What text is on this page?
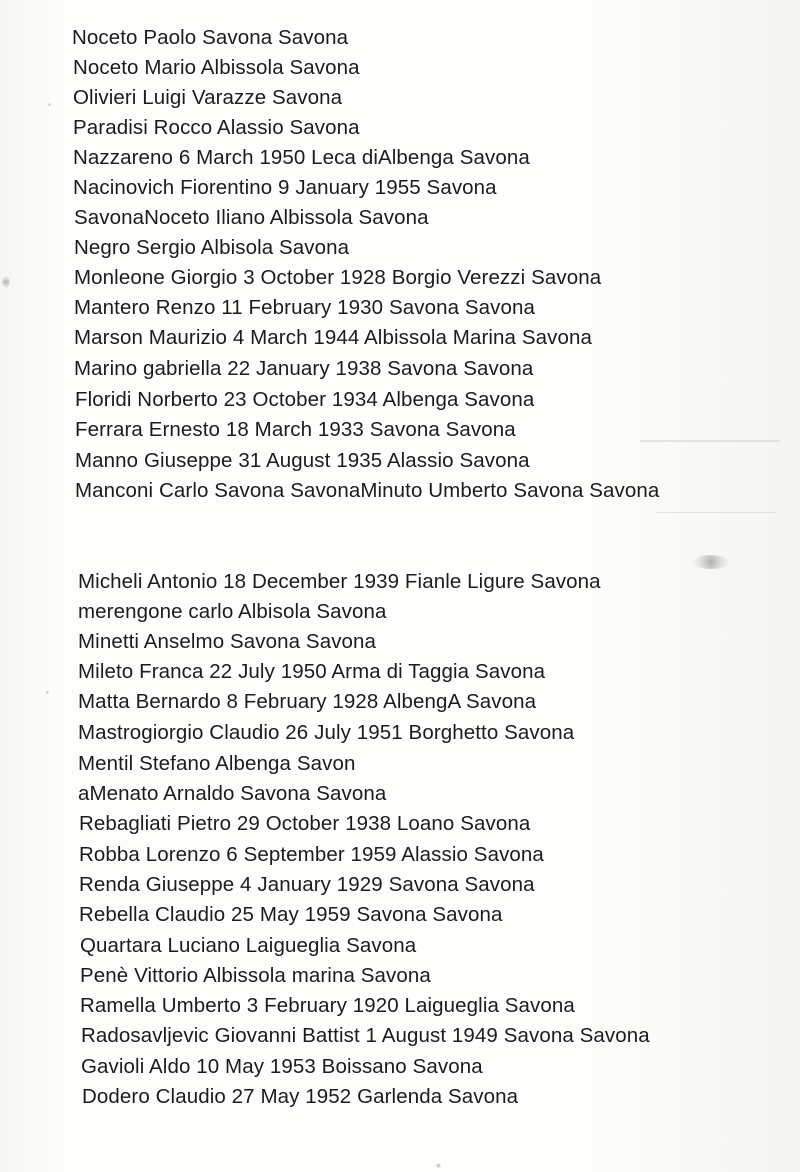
Noceto Paolo Savona Savona
Noceto Mario Albissola Savona
Olivieri Luigi Varazze Savona
Paradisi Rocco Alassio Savona
Nazzareno 6 March 1950 Leca diAlbenga Savona
Nacinovich Fiorentino 9 January 1955 Savona
SavonaNoceto Iliano Albissola Savona
Negro Sergio Albisola Savona
Monleone Giorgio 3 October 1928 Borgio Verezzi Savona
Mantero Renzo 11 February 1930 Savona Savona
Marson Maurizio 4 March 1944 Albissola Marina Savona
Marino gabriella 22 January 1938 Savona Savona
Floridi Norberto 23 October 1934 Albenga Savona
Ferrara Ernesto 18 March 1933 Savona Savona
Manno Giuseppe 31 August 1935 Alassio Savona
Manconi Carlo Savona SavonaMinuto Umberto Savona Savona
Micheli Antonio 18 December 1939 Fianle Ligure Savona
merengone carlo Albisola Savona
Minetti Anselmo Savona Savona
Mileto Franca 22 July 1950 Arma di Taggia Savona
Matta Bernardo 8 February 1928 AlbengA Savona
Mastrogiorgio Claudio 26 July 1951 Borghetto Savona
Mentil Stefano Albenga Savon
aMenato Arnaldo Savona Savona
Rebagliati Pietro 29 October 1938 Loano Savona
Robba Lorenzo 6 September 1959 Alassio Savona
Renda Giuseppe 4 January 1929 Savona Savona
Rebella Claudio 25 May 1959 Savona Savona
Quartara Luciano Laigueglia Savona
Penè Vittorio Albissola marina Savona
Ramella Umberto 3 February 1920 Laigueglia Savona
Radosavljevic Giovanni Battist 1 August 1949 Savona Savona
Gavioli Aldo 10 May 1953 Boissano Savona
Dodero Claudio 27 May 1952 Garlenda Savona
